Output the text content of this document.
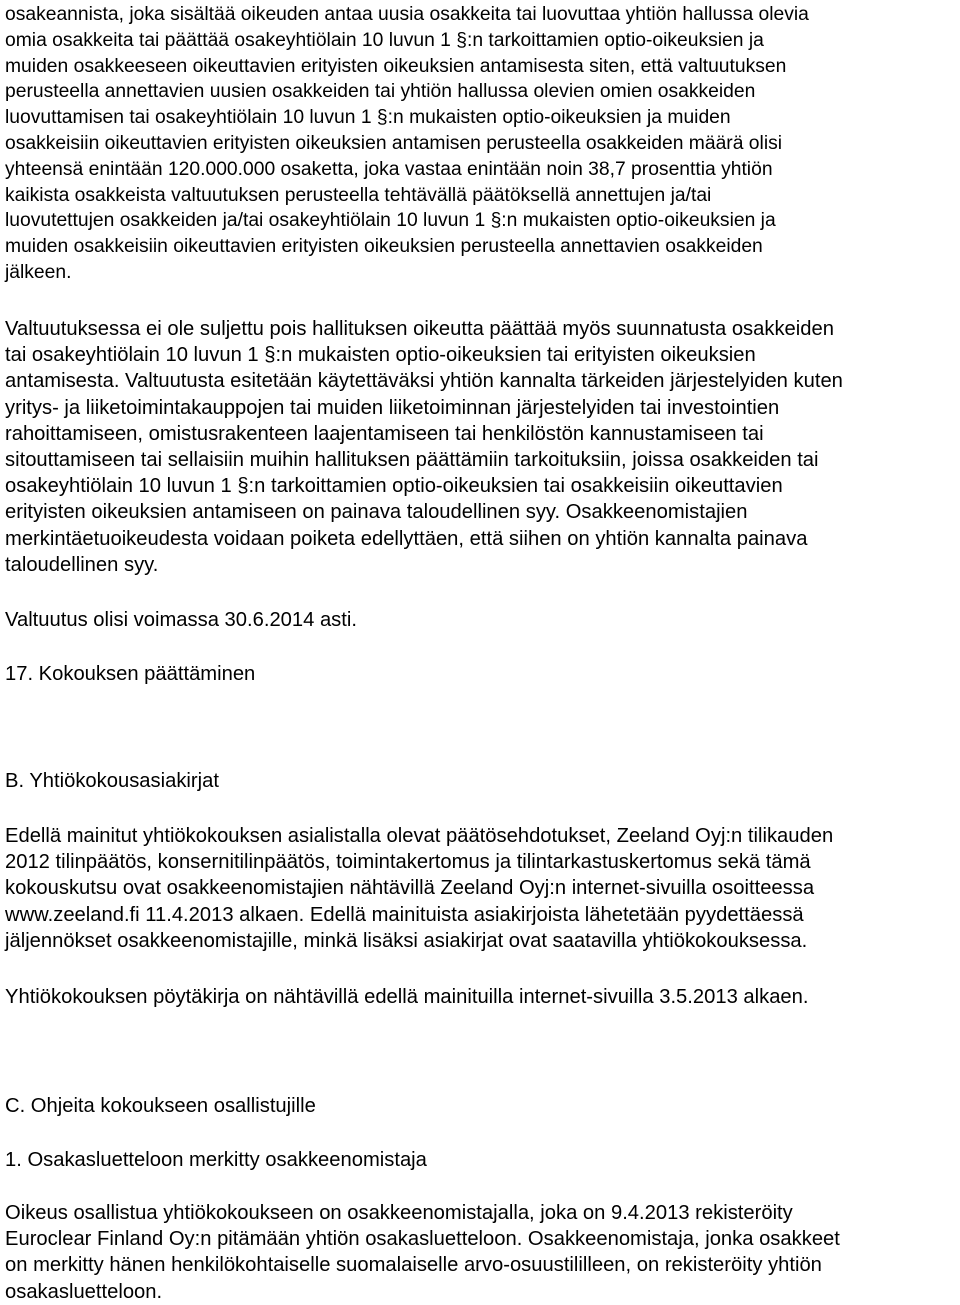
osakeannista, joka sisältää oikeuden antaa uusia osakkeita tai luovuttaa yhtiön hallussa olevia
omia osakkeita tai päättää osakeyhtiölain 10 luvun 1 §:n tarkoittamien optio-oikeuksien ja
muiden osakkeeseen oikeuttavien erityisten oikeuksien antamisesta siten, että valtuutuksen
perusteella annettavien uusien osakkeiden tai yhtiön hallussa olevien omien osakkeiden
luovuttamisen tai osakeyhtiölain 10 luvun 1 §:n mukaisten optio-oikeuksien ja muiden
osakkeisiin oikeuttavien erityisten oikeuksien antamisen perusteella osakkeiden määrä olisi
yhteensä enintään 120.000.000 osaketta, joka vastaa enintään noin 38,7 prosenttia yhtiön
kaikista osakkeista valtuutuksen perusteella tehtävällä päätöksellä annettujen ja/tai
luovutettujen osakkeiden ja/tai osakeyhtiölain 10 luvun 1 §:n mukaisten optio-oikeuksien ja
muiden osakkeisiin oikeuttavien erityisten oikeuksien perusteella annettavien osakkeiden
jälkeen.
Valtuutuksessa ei ole suljettu pois hallituksen oikeutta päättää myös suunnatusta osakkeiden
tai osakeyhtiölain 10 luvun 1 §:n mukaisten optio-oikeuksien tai erityisten oikeuksien
antamisesta. Valtuutusta esitetään käytettäväksi yhtiön kannalta tärkeiden järjestelyiden kuten
yritys- ja liiketoimintakauppojen tai muiden liiketoiminnan järjestelyiden tai investointien
rahoittamiseen, omistusrakenteen laajentamiseen tai henkilöstön kannustamiseen tai
sitouttamiseen tai sellaisiin muihin hallituksen päättämiin tarkoituksiin, joissa osakkeiden tai
osakeyhtiölain 10 luvun 1 §:n tarkoittamien optio-oikeuksien tai osakkeisiin oikeuttavien
erityisten oikeuksien antamiseen on painava taloudellinen syy. Osakkeenomistajien
merkintäetuoikeudesta voidaan poiketa edellyttäen, että siihen on yhtiön kannalta painava
taloudellinen syy.
Valtuutus olisi voimassa 30.6.2014 asti.
17. Kokouksen päättäminen
B. Yhtiökokousasiakirjat
Edellä mainitut yhtiökokouksen asialistalla olevat päätösehdotukset, Zeeland Oyj:n tilikauden
2012 tilinpäätös, konsernitilinpäätös, toimintakertomus ja tilintarkastuskertomus sekä tämä
kokouskutsu ovat osakkeenomistajien nähtävillä Zeeland Oyj:n internet-sivuilla osoitteessa
www.zeeland.fi 11.4.2013 alkaen. Edellä mainituista asiakirjoista lähetetään pyydettäessä
jäljennökset osakkeenomistajille, minkä lisäksi asiakirjat ovat saatavilla yhtiökokouksessa.
Yhtiökokouksen pöytäkirja on nähtävillä edellä mainituilla internet-sivuilla 3.5.2013 alkaen.
C. Ohjeita kokoukseen osallistujille
1. Osakasluetteloon merkitty osakkeenomistaja
Oikeus osallistua yhtiökokoukseen on osakkeenomistajalla, joka on 9.4.2013 rekisteröity
Euroclear Finland Oy:n pitämään yhtiön osakasluetteloon. Osakkeenomistaja, jonka osakkeet
on merkitty hänen henkilökohtaiselle suomalaiselle arvo-osuustililleen, on rekisteröity yhtiön
osakasluetteloon.
